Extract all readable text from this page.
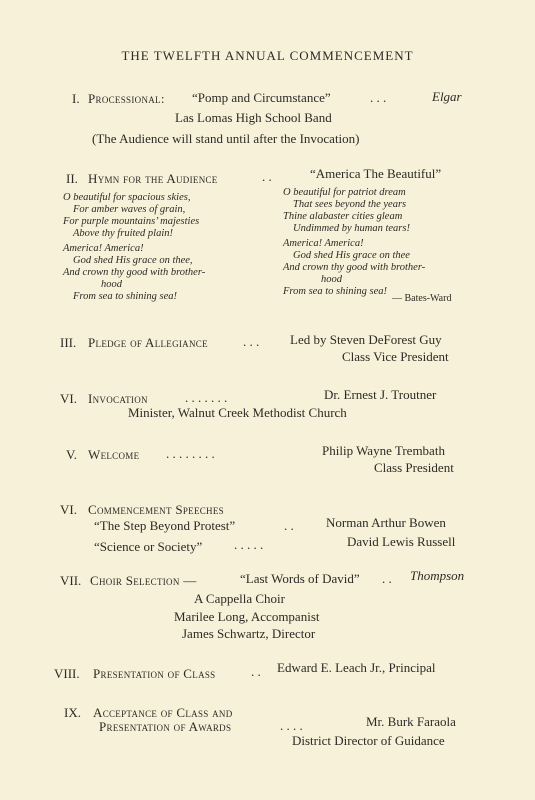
THE TWELFTH ANNUAL COMMENCEMENT
I. Processional: “Pomp and Circumstance”	. . .	Elgar
Las Lomas High School Band
(The Audience will stand until after the Invocation)
II. Hymn for the Audience	. .	“America The Beautiful”
O beautiful for spacious skies,
For amber waves of grain,
For purple mountains’ majesties
Above thy fruited plain!
America! America!
God shed His grace on thee,
And crown thy good with brother-
hood
From sea to shining sea!
O beautiful for patriot dream
That sees beyond the years
Thine alabaster cities gleam
Undimmed by human tears!
America! America!
God shed His grace on thee
And crown thy good with brother-
hood
From sea to shining sea!
— Bates-Ward
III. Pledge of Allegiance	. . . Led by Steven DeForest Guy
Class Vice President
VI. Invocation	. . . . . . .	Dr. Ernest J. Troutner
Minister, Walnut Creek Methodist Church
V. Welcome . . . . . . . .	Philip Wayne Trembath
Class President
VI. Commencement Speeches
“The Step Beyond Protest”	. . Norman Arthur Bowen
“Science or Society” . . . . .	David Lewis Russell
VII. Choir Selection —	“Last Words of David” . . Thompson
A Cappella Choir
Marilee Long, Accompanist
James Schwartz, Director
VIII. Presentation of Class	. . Edward E. Leach Jr., Principal
IX. Acceptance of Class and
Presentation of Awards	. . . .	Mr. Burk Faraola
District Director of Guidance
